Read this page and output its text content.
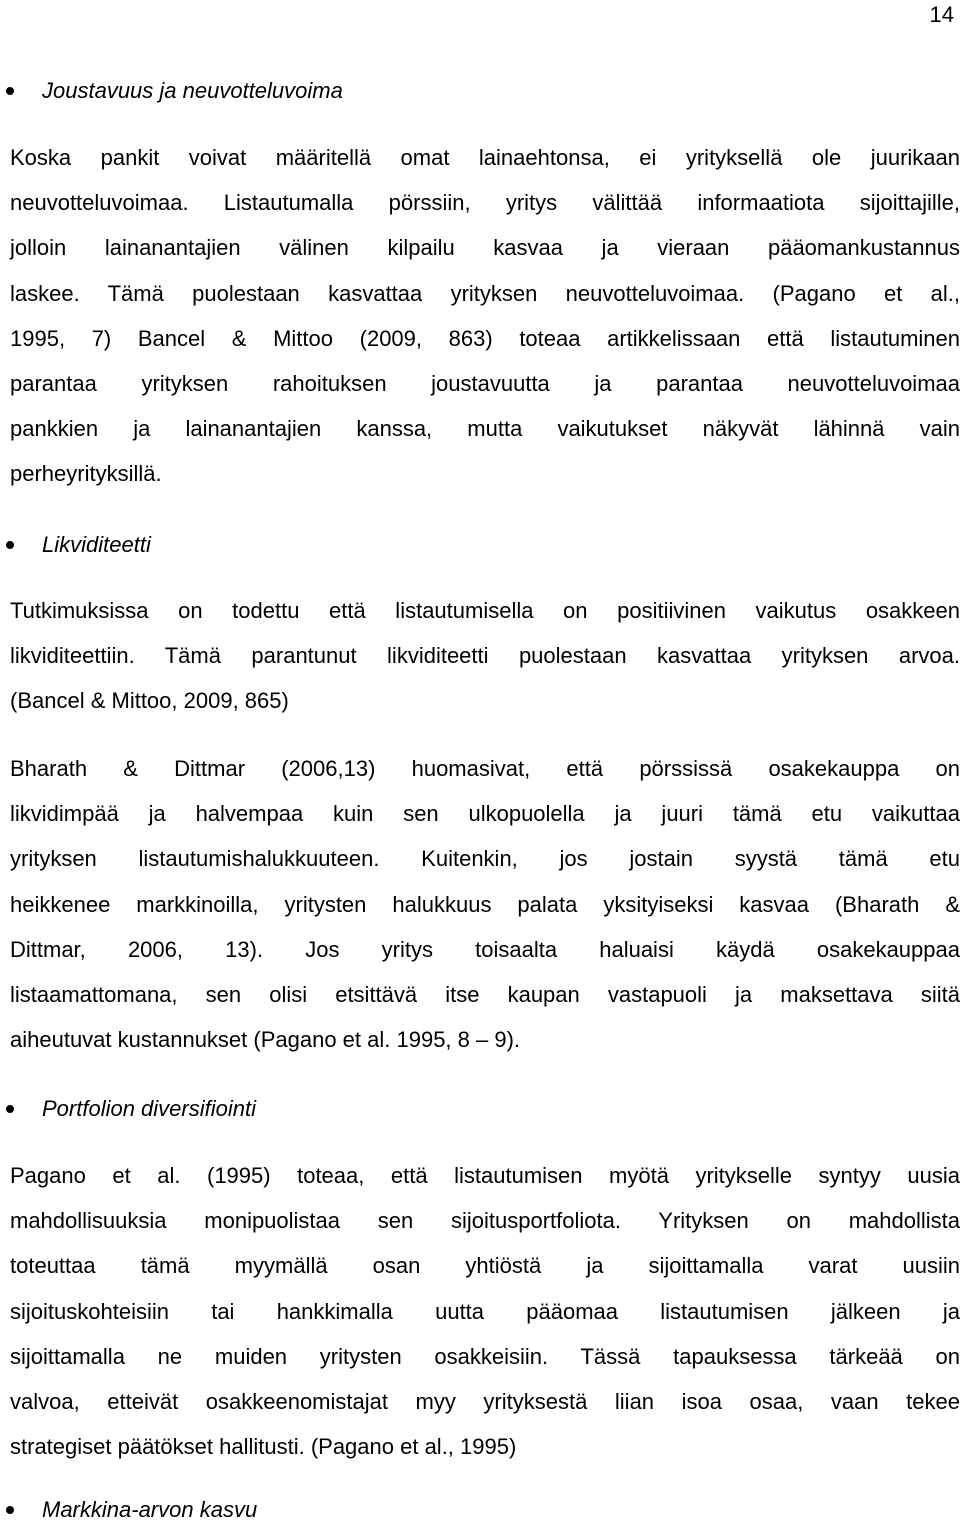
14
Joustavuus ja neuvotteluvoima
Koska pankit voivat määritellä omat lainaehtonsa, ei yrityksellä ole juurikaan
neuvotteluvoimaa. Listautumalla pörssiin, yritys välittää informaatiota sijoittajille,
jolloin lainanantajien välinen kilpailu kasvaa ja vieraan pääomankustannus
laskee. Tämä puolestaan kasvattaa yrityksen neuvotteluvoimaa. (Pagano et al.,
1995, 7) Bancel & Mittoo (2009, 863) toteaa artikkelissaan että listautuminen
parantaa yrityksen rahoituksen joustavuutta ja parantaa neuvotteluvoimaa
pankkien ja lainanantajien kanssa, mutta vaikutukset näkyvät lähinnä vain
perheyrityksillä.
Likviditeetti
Tutkimuksissa on todettu että listautumisella on positiivinen vaikutus osakkeen
likviditeettiin. Tämä parantunut likviditeetti puolestaan kasvattaa yrityksen arvoa.
(Bancel & Mittoo, 2009, 865)
Bharath & Dittmar (2006,13) huomasivat, että pörssissä osakekauppa on
likvidimpää ja halvempaa kuin sen ulkopuolella ja juuri tämä etu vaikuttaa
yrityksen listautumishalukkuuteen. Kuitenkin, jos jostain syystä tämä etu
heikkenee markkinoilla, yritysten halukkuus palata yksityiseksi kasvaa (Bharath &
Dittmar, 2006, 13). Jos yritys toisaalta haluaisi käydä osakekauppaa
listaamattomana, sen olisi etsittävä itse kaupan vastapuoli ja maksettava siitä
aiheutuvat kustannukset (Pagano et al. 1995, 8 – 9).
Portfolion diversifiointi
Pagano et al. (1995) toteaa, että listautumisen myötä yritykselle syntyy uusia
mahdollisuuksia monipuolistaa sen sijoitusportfoliota. Yrityksen on mahdollista
toteuttaa tämä myymällä osan yhtiöstä ja sijoittamalla varat uusiin
sijoituskohteisiin tai hankkimalla uutta pääomaa listautumisen jälkeen ja
sijoittamalla ne muiden yritysten osakkeisiin. Tässä tapauksessa tärkeää on
valvoa, etteivät osakkeenomistajat myy yrityksestä liian isoa osaa, vaan tekee
strategiset päätökset hallitusti. (Pagano et al., 1995)
Markkina-arvon kasvu
